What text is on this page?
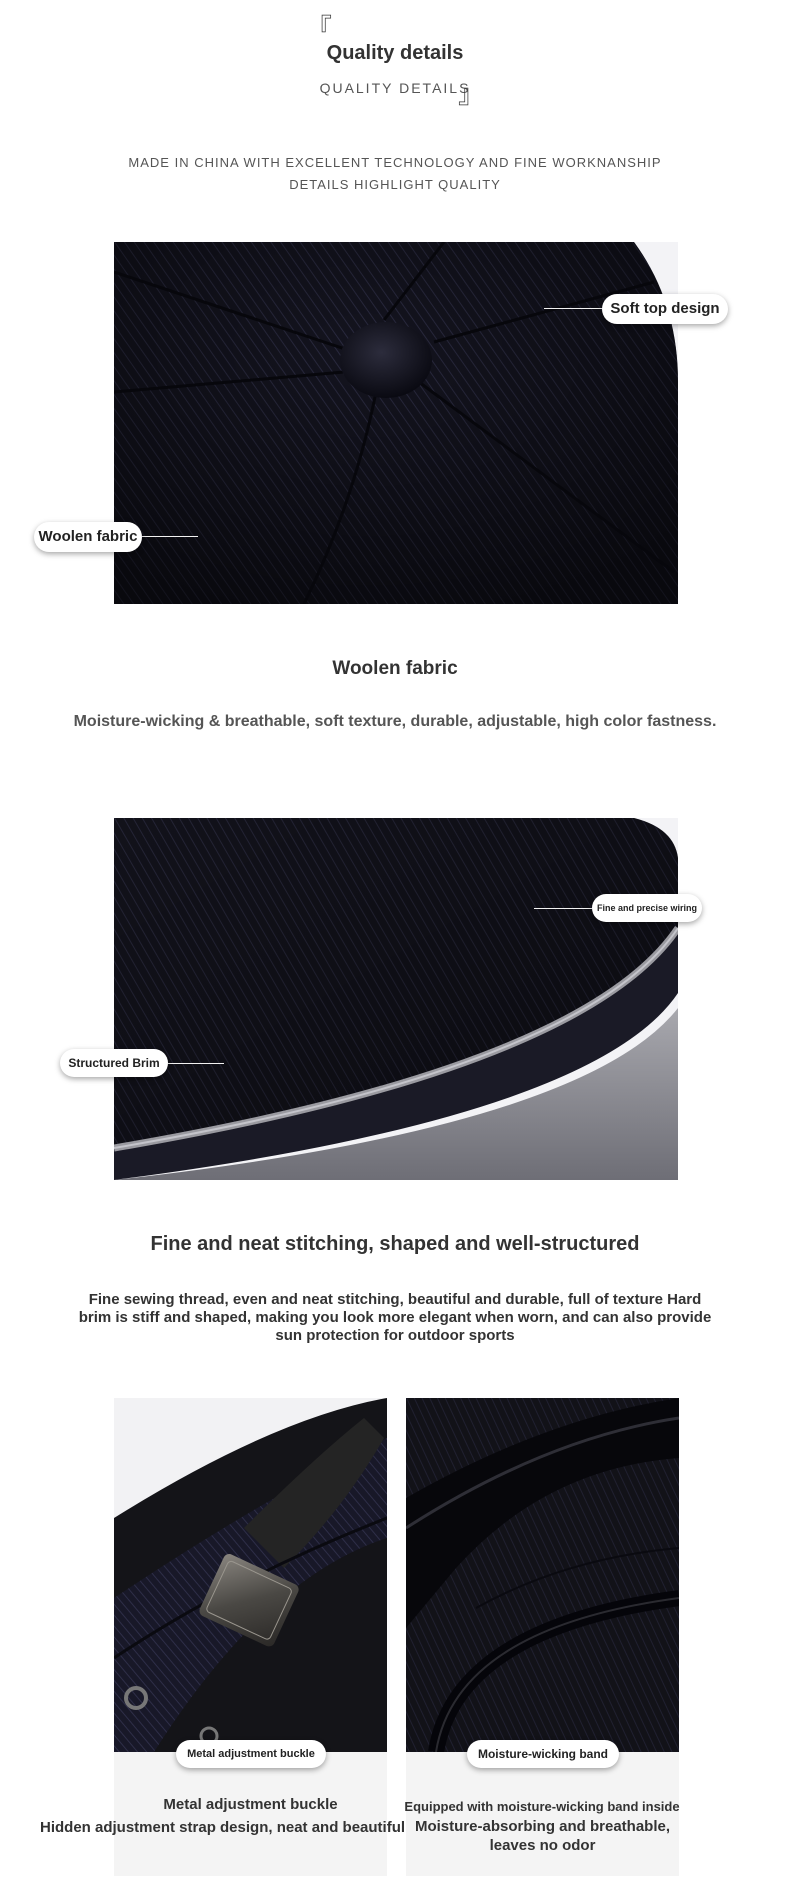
『
Quality details
QUALITY DETAILS
』
MADE IN CHINA WITH EXCELLENT TECHNOLOGY AND FINE WORKNANSHIP
DETAILS HIGHLIGHT QUALITY
Soft top design
Woolen fabric
Woolen fabric
Moisture-wicking & breathable, soft texture, durable, adjustable, high color fastness.
Fine and precise wiring
Structured Brim
Fine and neat stitching, shaped and well-structured
Fine sewing thread, even and neat stitching, beautiful and durable, full of texture Hard
brim is stiff and shaped, making you look more elegant when worn, and can also provide
sun protection for outdoor sports
Metal adjustment buckle	Moisture-wicking band
Metal adjustment buckle
Hidden adjustment strap design, neat and beautiful
Equipped with moisture-wicking band inside
Moisture-absorbing and breathable,
leaves no odor
